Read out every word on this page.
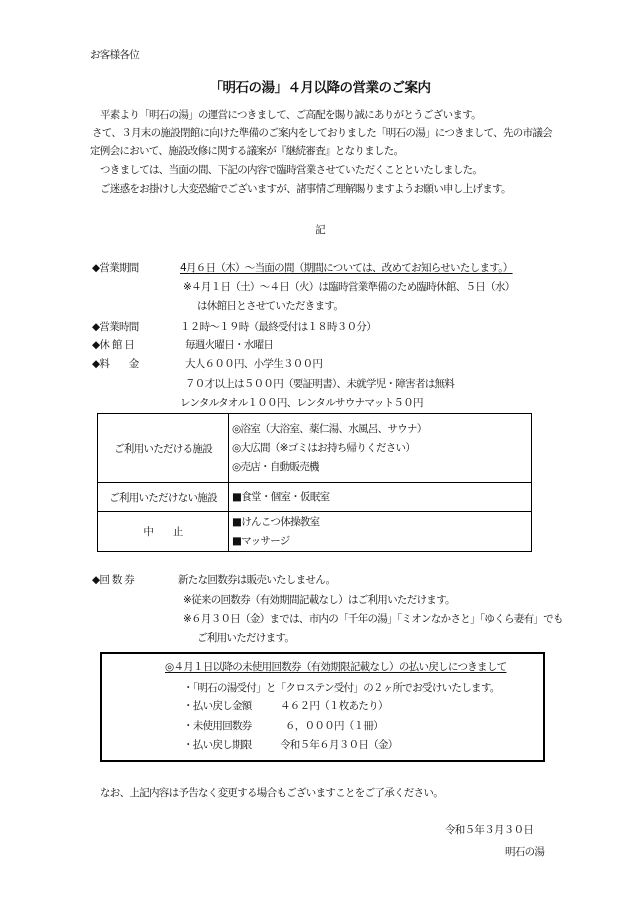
お客様各位
「明石の湯」４月以降の営業のご案内
平素より「明石の湯」の運営につきまして、ご高配を賜り誠にありがとうございます。
さて、３月末の施設閉館に向けた準備のご案内をしておりました「明石の湯」につきまして、先の市議会
定例会において、施設改修に関する議案が『継続審査』となりました。
つきましては、当面の間、下記の内容で臨時営業させていただくことといたしました。
ご迷惑をお掛けし大変恐縮でございますが、諸事情ご理解賜りますようお願い申し上げます。
記
◆営業期間	4月６日（木）～当面の間（期間については、改めてお知らせいたします。）
※４月１日（土）～４日（火）は臨時営業準備のため臨時休館、５日（水）
は休館日とさせていただきます。
◆営業時間	１２時～１９時（最終受付は１８時３０分）
◆休 館 日	毎週火曜日・水曜日
◆料　　金	大人６００円、小学生３００円
７０才以上は５００円（要証明書）、未就学児・障害者は無料
レンタルタオル１００円、レンタルサウナマット５０円
ご利用いただける施設	◎浴室（大浴室、薬仁湯、水風呂、サウナ）
◎大広間（※ゴミはお持ち帰りください）
◎売店・自動販売機

ご利用いただけない施設	■食堂・個室・仮眠室

中　　止	■けんこつ体操教室
■マッサージ
◆回 数 券	新たな回数券は販売いたしません。
※従来の回数券（有効期間記載なし）はご利用いただけます。
※６月３０日（金）までは、市内の「千年の湯」「ミオンなかさと」「ゆくら妻有」でも
ご利用いただけます。
◎４月１日以降の未使用回数券（有効期限記載なし）の払い戻しにつきまして
・「明石の湯受付」と「クロステン受付」の２ヶ所でお受けいたします。
・払い戻し金額	４６２円（１枚あたり）
・未使用回数券	６，０００円（１冊）
・払い戻し期限	令和５年６月３０日（金）
なお、上記内容は予告なく変更する場合もございますことをご了承ください。
令和５年３月３０日
明石の湯
